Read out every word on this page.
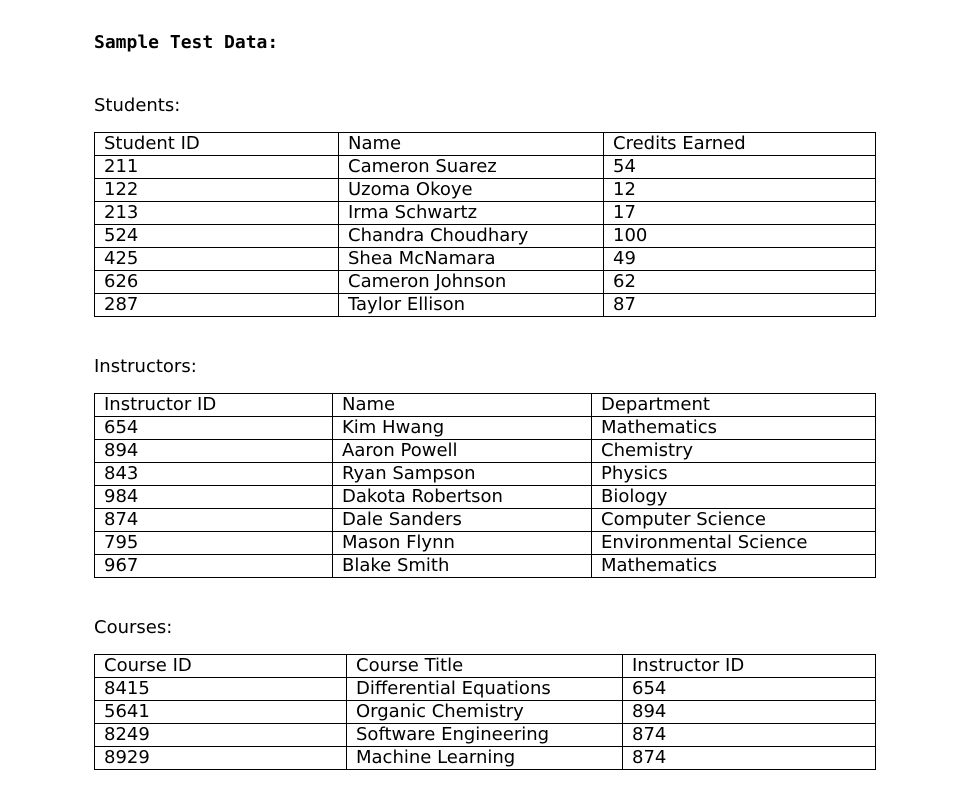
Sample Test Data:

Students:

Student ID	Name	Credits Earned
211	Cameron Suarez	54
122	Uzoma Okoye	12
213	Irma Schwartz	17
524	Chandra Choudhary	100
425	Shea McNamara	49
626	Cameron Johnson	62
287	Taylor Ellison	87

Instructors:

Instructor ID	Name	Department
654	Kim Hwang	Mathematics
894	Aaron Powell	Chemistry
843	Ryan Sampson	Physics
984	Dakota Robertson	Biology
874	Dale Sanders	Computer Science
795	Mason Flynn	Environmental Science
967	Blake Smith	Mathematics

Courses:

Course ID	Course Title	Instructor ID
8415	Differential Equations	654
5641	Organic Chemistry	894
8249	Software Engineering	874
8929	Machine Learning	874
